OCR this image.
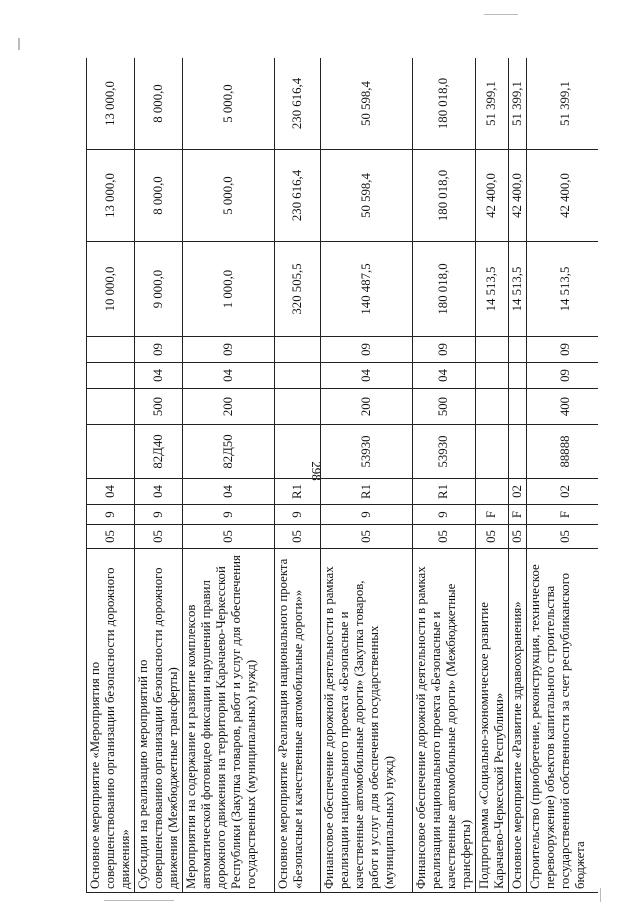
298
Основное мероприятие «Мероприятия по совершенствованию организации безопасности дорожного движения»	05	9	04					10 000,0	13 000,0	13 000,0
Субсидии на реализацию мероприятий по совершенствованию организации безопасности дорожного движения (Межбюджетные трансферты)	05	9	04	82Д40	500	04	09	9 000,0	8 000,0	8 000,0
Мероприятия на содержание и развитие комплексов автоматической фотовидео фиксации нарушений правил дорожного движения на территории Карачаево-Черкесской Республики (Закупка товаров, работ и услуг для обеспечения государственных (муниципальных) нужд)	05	9	04	82Д50	200	04	09	1 000,0	5 000,0	5 000,0
Основное мероприятие «Реализация национального проекта «Безопасные и качественные автомобильные дороги»»	05	9	R1					320 505,5	230 616,4	230 616,4
Финансовое обеспечение дорожной деятельности в рамках реализации национального проекта «Безопасные и качественные автомобильные дороги» (Закупка товаров, работ и услуг для обеспечения государственных (муниципальных) нужд)	05	9	R1	53930	200	04	09	140 487,5	50 598,4	50 598,4
Финансовое обеспечение дорожной деятельности в рамках реализации национального проекта «Безопасные и качественные автомобильные дороги» (Межбюджетные трансферты)	05	9	R1	53930	500	04	09	180 018,0	180 018,0	180 018,0
Подпрограмма «Социально-экономическое развитие Карачаево-Черкесской Республики»	05	F						14 513,5	42 400,0	51 399,1
Основное мероприятие «Развитие здравоохранения»	05	F	02					14 513,5	42 400,0	51 399,1
Строительство (приобретение, реконструкция, техническое перевооружение) объектов капитального строительства государственной собственности за счет республиканского бюджета	05	F	02	88888	400	09	09	14 513,5	42 400,0	51 399,1
